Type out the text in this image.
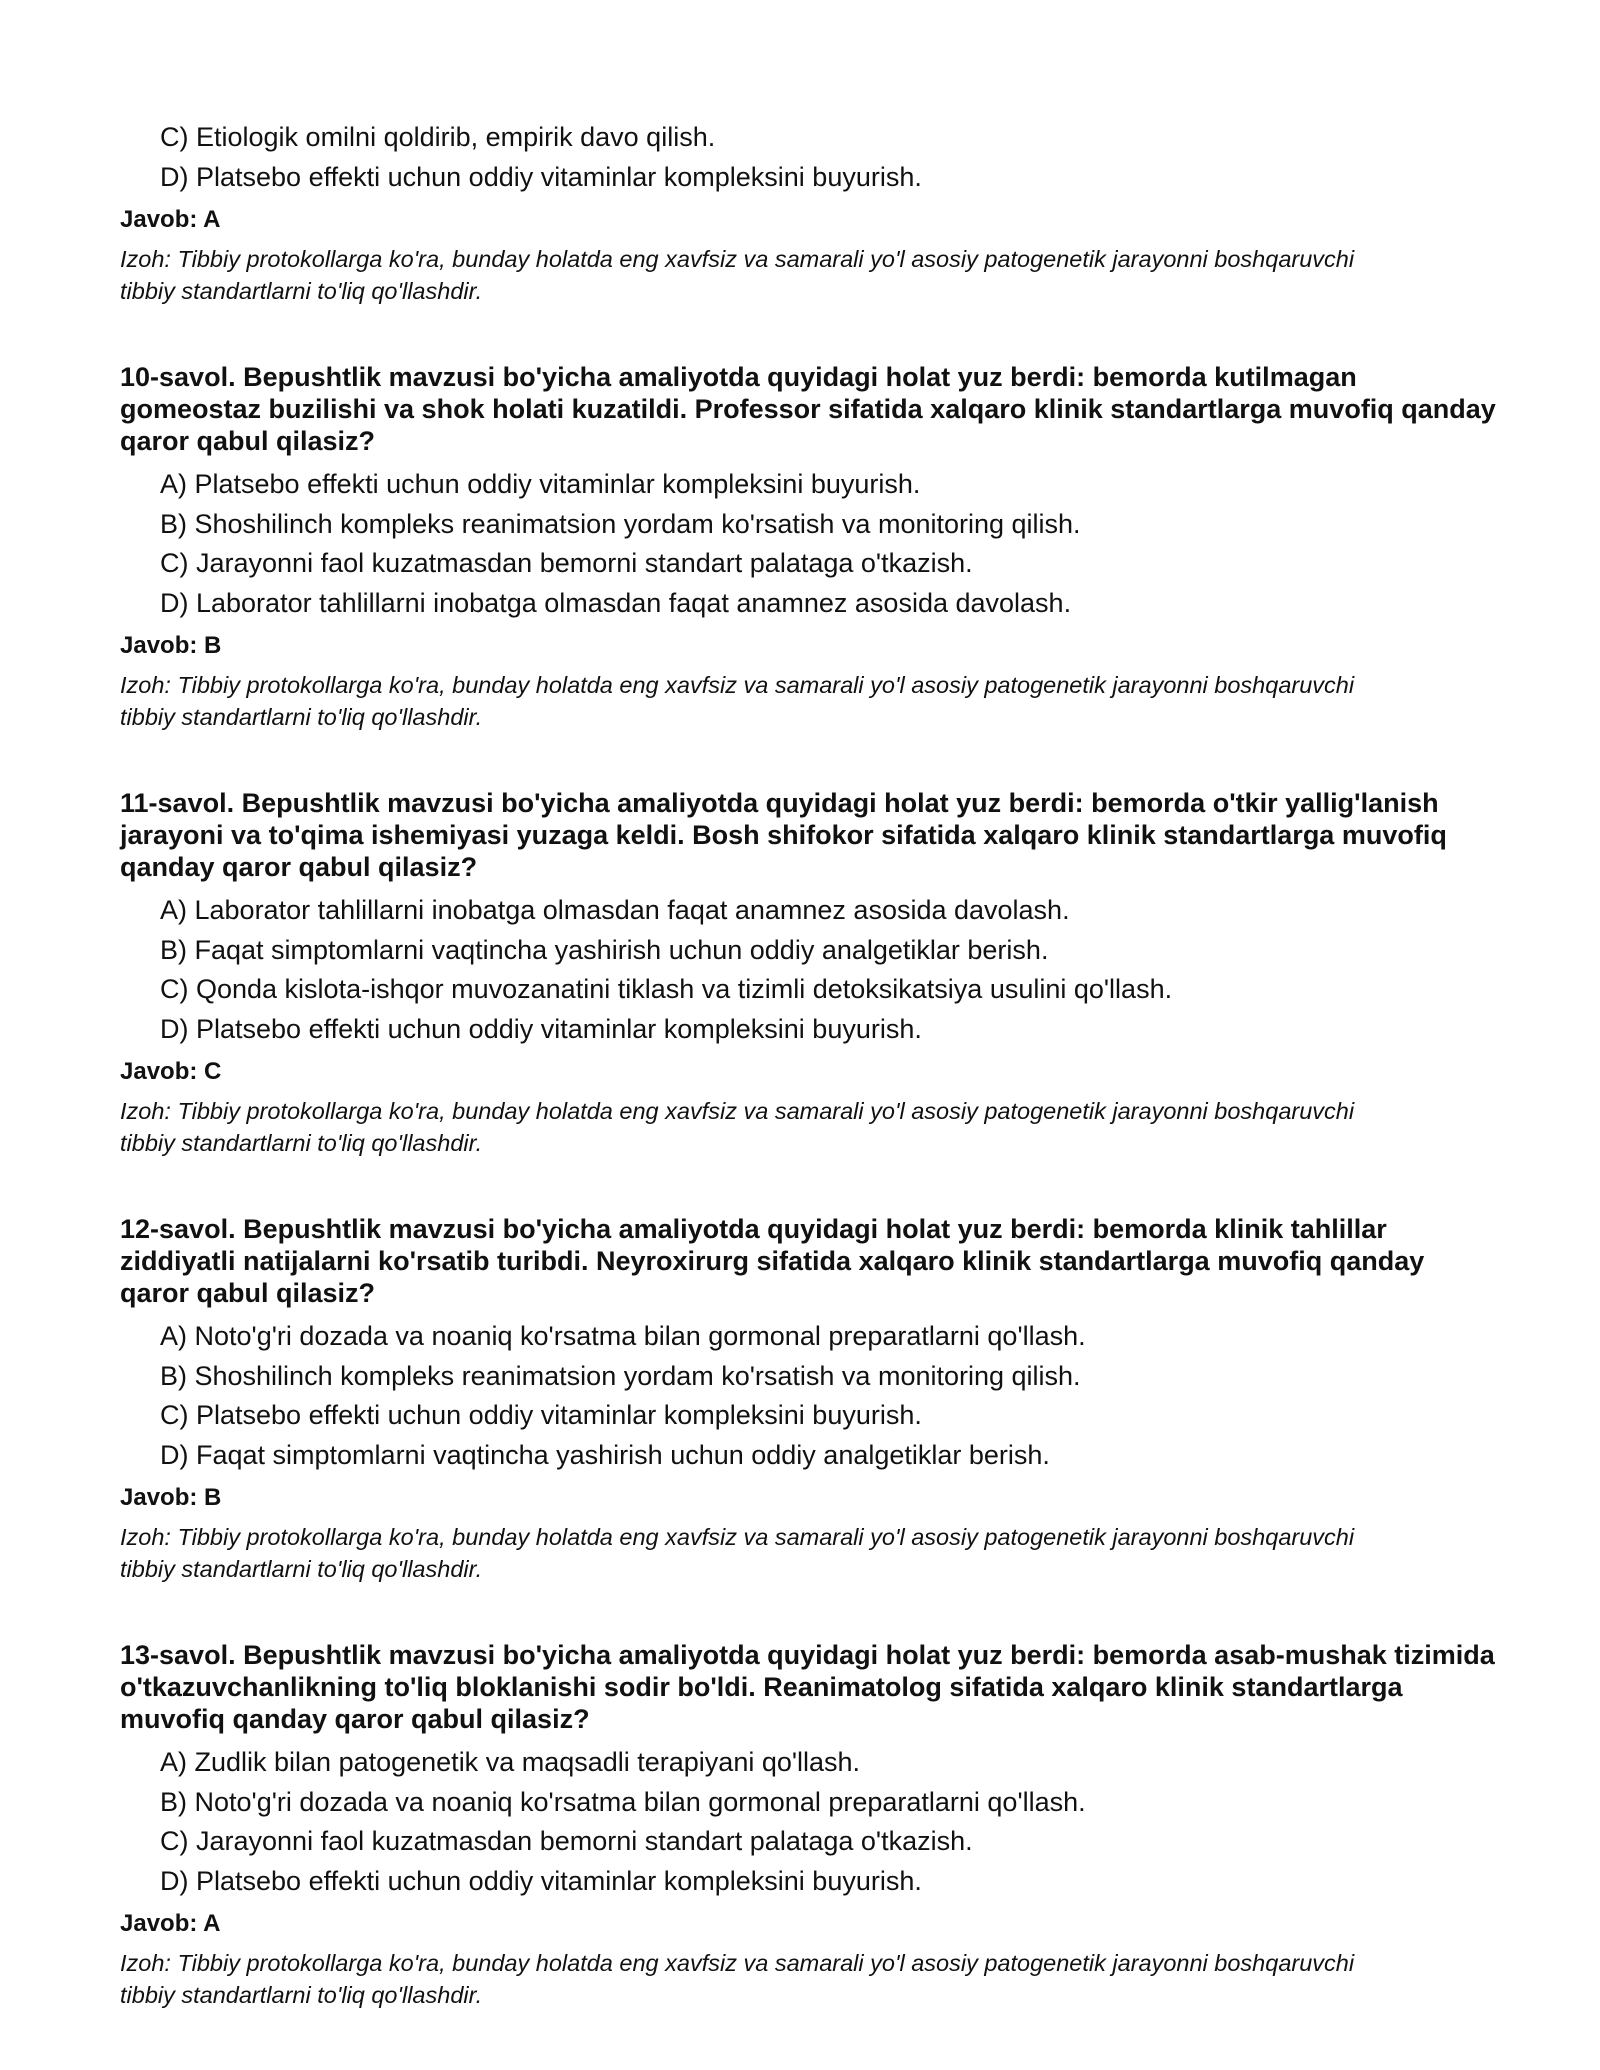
C) Etiologik omilni qoldirib, empirik davo qilish.
D) Platsebo effekti uchun oddiy vitaminlar kompleksini buyurish.
Javob: A
Izoh: Tibbiy protokollarga ko'ra, bunday holatda eng xavfsiz va samarali yo'l asosiy patogenetik jarayonni boshqaruvchi tibbiy standartlarni to'liq qo'llashdir.
10-savol. Bepushtlik mavzusi bo'yicha amaliyotda quyidagi holat yuz berdi: bemorda kutilmagan gomeostaz buzilishi va shok holati kuzatildi. Professor sifatida xalqaro klinik standartlarga muvofiq qanday qaror qabul qilasiz?
A) Platsebo effekti uchun oddiy vitaminlar kompleksini buyurish.
B) Shoshilinch kompleks reanimatsion yordam ko'rsatish va monitoring qilish.
C) Jarayonni faol kuzatmasdan bemorni standart palataga o'tkazish.
D) Laborator tahlillarni inobatga olmasdan faqat anamnez asosida davolash.
Javob: B
Izoh: Tibbiy protokollarga ko'ra, bunday holatda eng xavfsiz va samarali yo'l asosiy patogenetik jarayonni boshqaruvchi tibbiy standartlarni to'liq qo'llashdir.
11-savol. Bepushtlik mavzusi bo'yicha amaliyotda quyidagi holat yuz berdi: bemorda o'tkir yallig'lanish jarayoni va to'qima ishemiyasi yuzaga keldi. Bosh shifokor sifatida xalqaro klinik standartlarga muvofiq qanday qaror qabul qilasiz?
A) Laborator tahlillarni inobatga olmasdan faqat anamnez asosida davolash.
B) Faqat simptomlarni vaqtincha yashirish uchun oddiy analgetiklar berish.
C) Qonda kislota-ishqor muvozanatini tiklash va tizimli detoksikatsiya usulini qo'llash.
D) Platsebo effekti uchun oddiy vitaminlar kompleksini buyurish.
Javob: C
Izoh: Tibbiy protokollarga ko'ra, bunday holatda eng xavfsiz va samarali yo'l asosiy patogenetik jarayonni boshqaruvchi tibbiy standartlarni to'liq qo'llashdir.
12-savol. Bepushtlik mavzusi bo'yicha amaliyotda quyidagi holat yuz berdi: bemorda klinik tahlillar ziddiyatli natijalarni ko'rsatib turibdi. Neyroxirurg sifatida xalqaro klinik standartlarga muvofiq qanday qaror qabul qilasiz?
A) Noto'g'ri dozada va noaniq ko'rsatma bilan gormonal preparatlarni qo'llash.
B) Shoshilinch kompleks reanimatsion yordam ko'rsatish va monitoring qilish.
C) Platsebo effekti uchun oddiy vitaminlar kompleksini buyurish.
D) Faqat simptomlarni vaqtincha yashirish uchun oddiy analgetiklar berish.
Javob: B
Izoh: Tibbiy protokollarga ko'ra, bunday holatda eng xavfsiz va samarali yo'l asosiy patogenetik jarayonni boshqaruvchi tibbiy standartlarni to'liq qo'llashdir.
13-savol. Bepushtlik mavzusi bo'yicha amaliyotda quyidagi holat yuz berdi: bemorda asab-mushak tizimida o'tkazuvchanlikning to'liq bloklanishi sodir bo'ldi. Reanimatolog sifatida xalqaro klinik standartlarga muvofiq qanday qaror qabul qilasiz?
A) Zudlik bilan patogenetik va maqsadli terapiyani qo'llash.
B) Noto'g'ri dozada va noaniq ko'rsatma bilan gormonal preparatlarni qo'llash.
C) Jarayonni faol kuzatmasdan bemorni standart palataga o'tkazish.
D) Platsebo effekti uchun oddiy vitaminlar kompleksini buyurish.
Javob: A
Izoh: Tibbiy protokollarga ko'ra, bunday holatda eng xavfsiz va samarali yo'l asosiy patogenetik jarayonni boshqaruvchi tibbiy standartlarni to'liq qo'llashdir.
